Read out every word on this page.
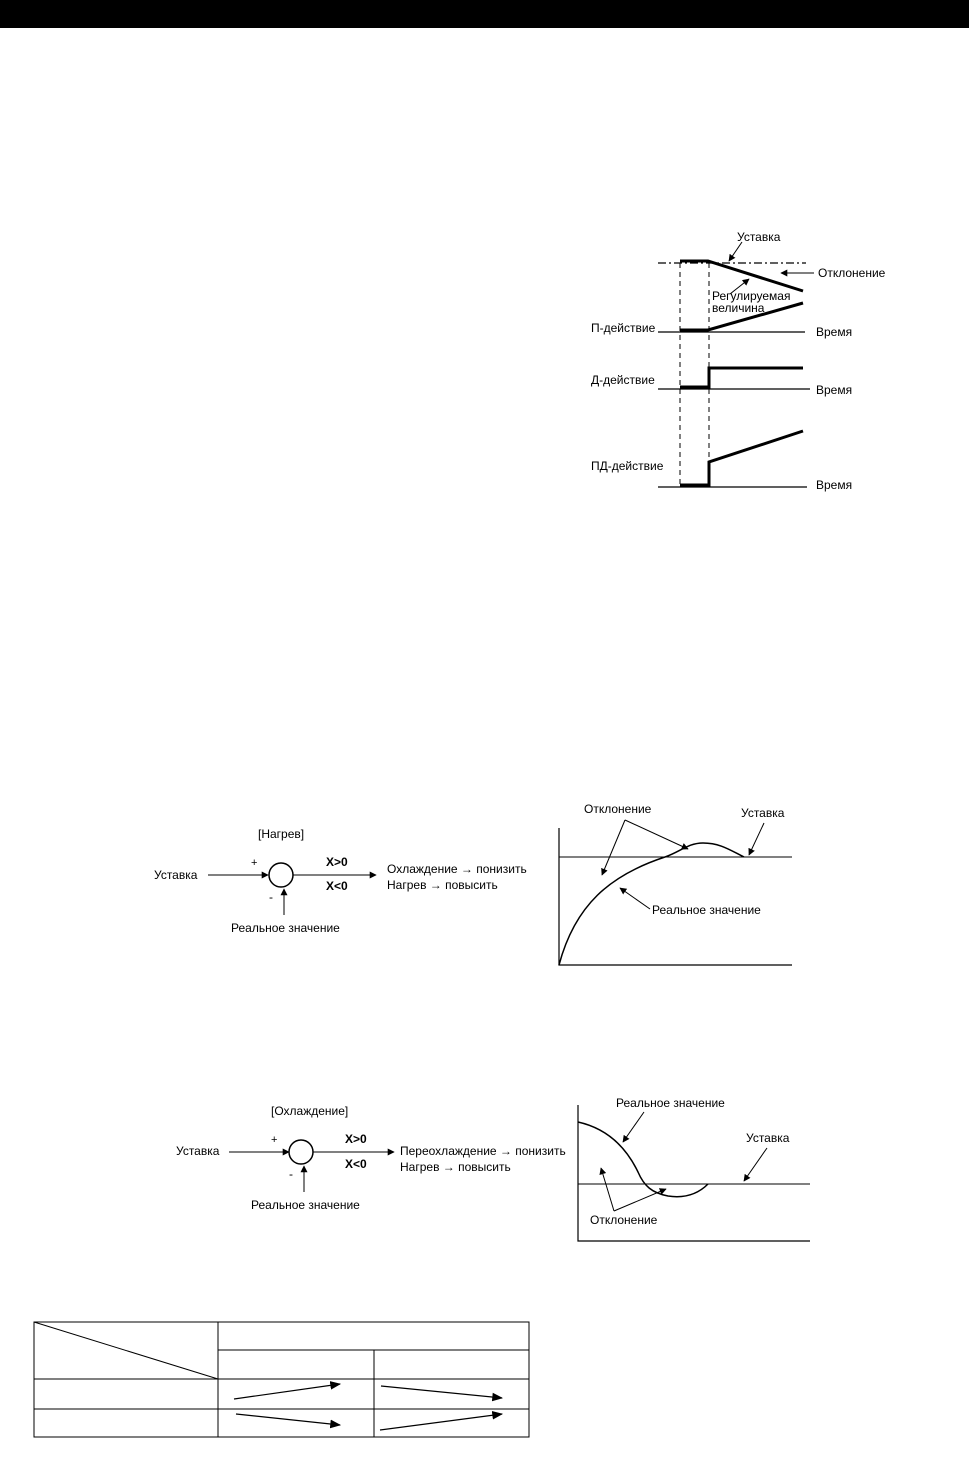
Уставка
Отклонение
Регулируемая
величина
П-действие	Время
Д-действие
Время
ПД-действие
Время
[Нагрев]
Уставка
+
-
X>0
X<0
Реальное значение
Охлаждение → понизить
Нагрев → повысить
Отклонение	Уставка
Реальное значение
[Охлаждение]
Уставка
+
-
X>0
X<0
Реальное значение
Переохлаждение → понизить
Нагрев → повысить
Реальное значение
Уставка
Отклонение
